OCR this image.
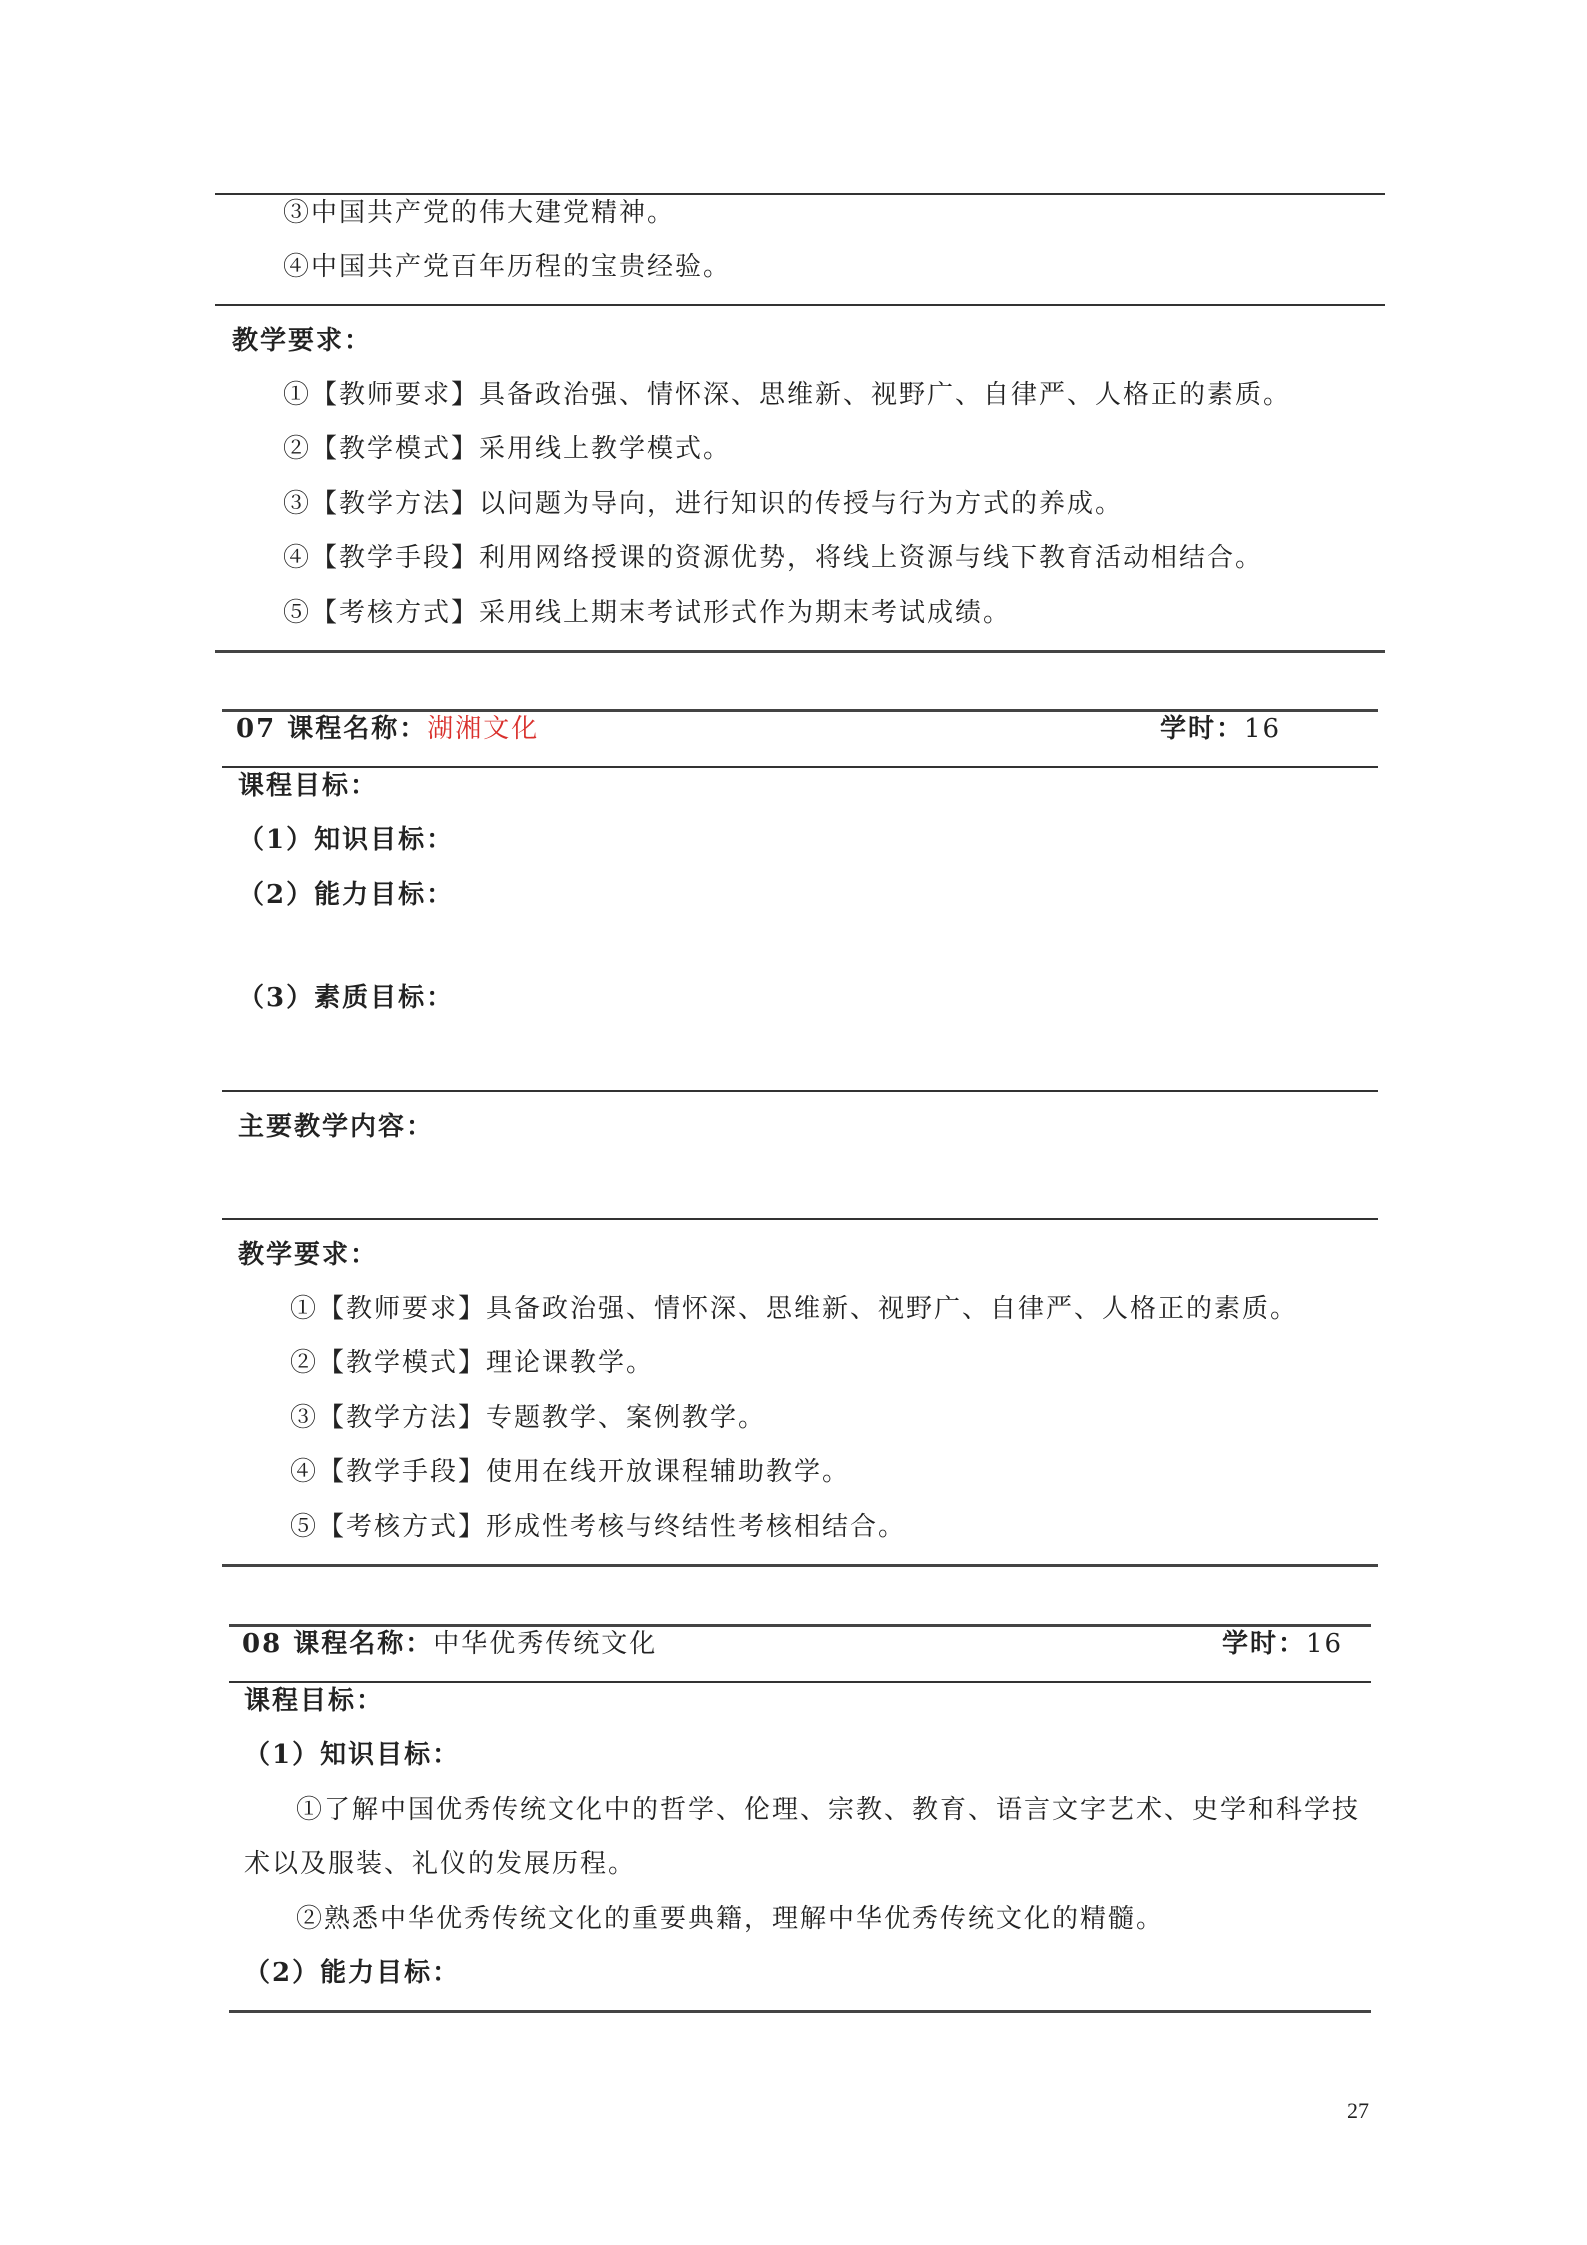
③中国共产党的伟大建党精神。
④中国共产党百年历程的宝贵经验。
教学要求：
①【教师要求】具备政治强、情怀深、思维新、视野广、自律严、人格正的素质。
②【教学模式】采用线上教学模式。
③【教学方法】以问题为导向，进行知识的传授与行为方式的养成。
④【教学手段】利用网络授课的资源优势，将线上资源与线下教育活动相结合。
⑤【考核方式】采用线上期末考试形式作为期末考试成绩。
07 课程名称：湖湘文化	学时：16
课程目标：
（1）知识目标：
（2）能力目标：
（3）素质目标：
主要教学内容：
教学要求：
①【教师要求】具备政治强、情怀深、思维新、视野广、自律严、人格正的素质。
②【教学模式】理论课教学。
③【教学方法】专题教学、案例教学。
④【教学手段】使用在线开放课程辅助教学。
⑤【考核方式】形成性考核与终结性考核相结合。
08 课程名称：中华优秀传统文化	学时：16
课程目标：
（1）知识目标：
①了解中国优秀传统文化中的哲学、伦理、宗教、教育、语言文字艺术、史学和科学技
术以及服装、礼仪的发展历程。
②熟悉中华优秀传统文化的重要典籍，理解中华优秀传统文化的精髓。
（2）能力目标：
27
